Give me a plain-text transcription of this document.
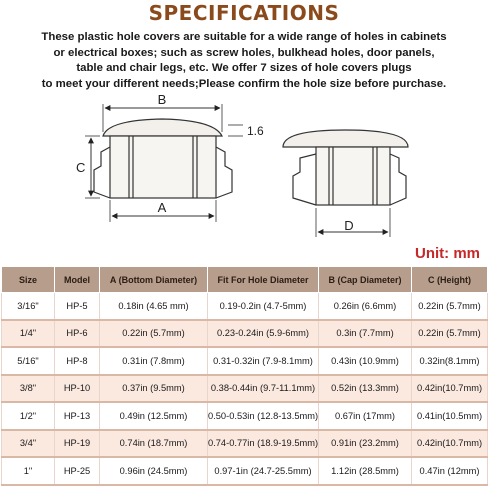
SPECIFICATIONS
These plastic hole covers are suitable for a wide range of holes in cabinets
or electrical boxes; such as screw holes, bulkhead holes, door panels,
table and chair legs, etc. We offer 7 sizes of hole covers plugs
to meet your different needs;Please confirm the hole size before purchase.
B
1.6
C
A
D
Unit: mm
Size	Model	A (Bottom Diameter)	Fit For Hole Diameter	B (Cap Diameter)	C (Height)
3/16"	HP-5	0.18in (4.65 mm)	0.19-0.2in (4.7-5mm)	0.26in (6.6mm)	0.22in (5.7mm)
1/4"	HP-6	0.22in (5.7mm)	0.23-0.24in (5.9-6mm)	0.3in (7.7mm)	0.22in (5.7mm)
5/16"	HP-8	0.31in (7.8mm)	0.31-0.32in (7.9-8.1mm)	0.43in (10.9mm)	0.32in(8.1mm)
3/8"	HP-10	0.37in (9.5mm)	0.38-0.44in (9.7-11.1mm)	0.52in (13.3mm)	0.42in(10.7mm)
1/2"	HP-13	0.49in (12.5mm)	0.50-0.53in (12.8-13.5mm)	0.67in (17mm)	0.41in(10.5mm)
3/4"	HP-19	0.74in (18.7mm)	0.74-0.77in (18.9-19.5mm)	0.91in (23.2mm)	0.42in(10.7mm)
1"	HP-25	0.96in (24.5mm)	0.97-1in (24.7-25.5mm)	1.12in (28.5mm)	0.47in (12mm)
